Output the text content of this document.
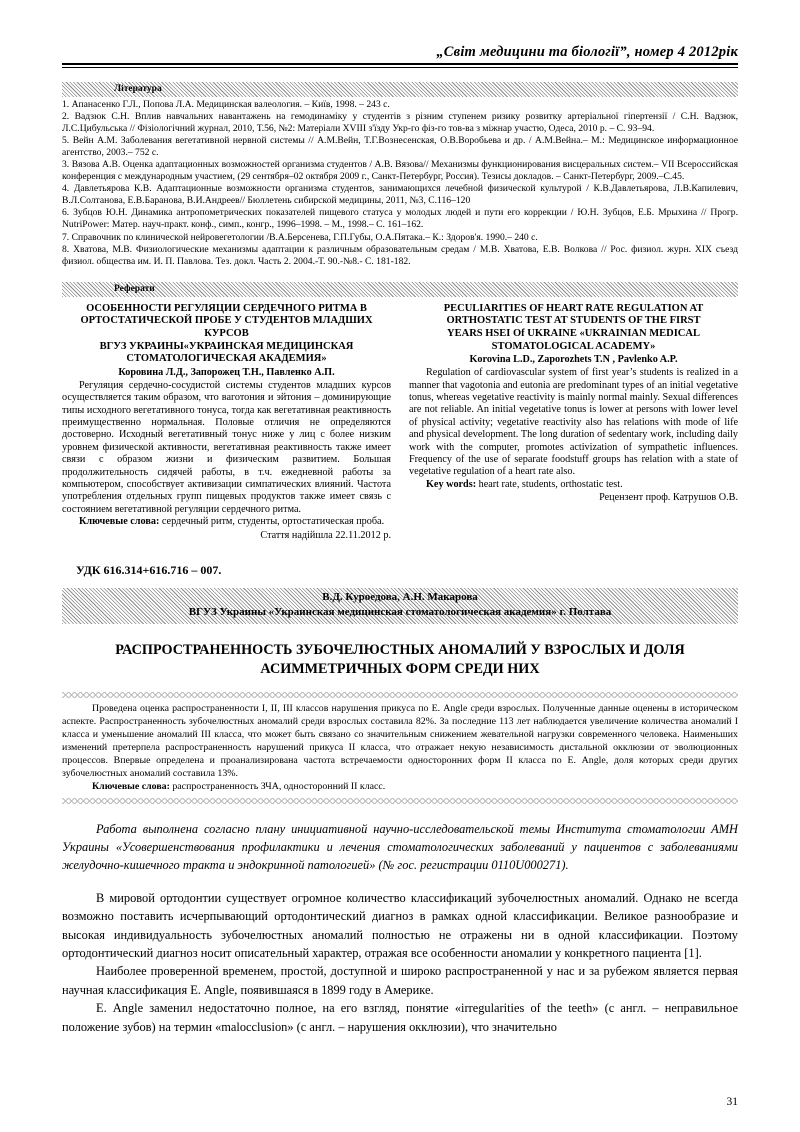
„Світ медицини та біології”, номер 4 2012рік
Література

1. Апанасенко Г.Л., Попова Л.А. Медицинская валеология. – Київ, 1998. – 243 с.

2. Вадзюк С.Н. Вплив навчальних навантажень на гемодинаміку у студентів з різним ступенем ризику розвитку артеріальної гіпертензії / С.Н. Вадзюк, Л.С.Цибульська // Фізіологічний журнал, 2010, Т.56, №2: Матеріали XVIII з'їзду Укр-го фіз-го тов-ва з міжнар участю, Одеса, 2010 р. – С. 93–94.

5. Вейн А.М. Заболевания вегетативной нервной системы // А.М.Вейн, Т.Г.Вознесенская, О.В.Воробьева и др. / А.М.Вейна.– М.: Медицинское информационное агентство, 2003.– 752 с.

3. Вязова А.В. Оценка адаптационных возможностей организма студентов / А.В. Вязова// Механизмы функционирования висцеральных систем.– VII Всероссийская конференция с международным участием, (29 сентября–02 октября 2009 г., Санкт-Петербург, Россия). Тезисы докладов. – Санкт-Петербург, 2009.–С.45.

4. Давлетьярова К.В. Адаптационные возможности организма студентов, занимающихся лечебной физической культурой / К.В.Давлетьярова, Л.В.Капилевич, В.Л.Солтанова, Е.В.Баранова, В.И.Андреев// Бюллетень сибирской медицины, 2011, №3, С.116–120

6. Зубцов Ю.Н. Динамика антропометрических показателей пищевого статуса у молодых людей и пути его коррекции / Ю.Н. Зубцов, Е.Б. Мрыхина // Прогр. NutriPower: Матер. науч-практ. конф., симп., конгр., 1996–1998. – М., 1998.– С. 161–162.

7. Справочник по клинической нейровегетологии /В.А.Берсенева, Г.П.Губы, О.А.Пятака.– К.: Здоров'я. 1990.– 240 с.

8. Хватова, М.В. Физиологические механизмы адаптации к различным образовательным средам / М.В. Хватова, Е.В. Волкова // Рос. физиол. журн. XIX съезд физиол. общества им. И. П. Павлова. Тез. докл. Часть 2. 2004.-Т. 90.-№8.- С. 181-182.

Реферати
ОСОБЕННОСТИ РЕГУЛЯЦИИ СЕРДЕЧНОГО РИТМА В
ОРТОСТАТИЧЕСКОЙ ПРОБЕ У СТУДЕНТОВ МЛАДШИХ КУРСОВ
ВГУЗ УКРАИНЫ«УКРАИНСКАЯ МЕДИЦИНСКАЯ
СТОМАТОЛОГИЧЕСКАЯ АКАДЕМИЯ»
Коровина Л.Д., Запорожец Т.Н., Павленко А.П.
Регуляция сердечно-сосудистой системы студентов младших курсов осуществляется таким образом, что ваготония и эйтония – доминирующие типы исходного вегетативного тонуса, тогда как вегетативная реактивность преимущественно нормальная. Половые отличия не определяются достоверно. Исходный вегетативный тонус ниже у лиц с более низким уровнем физической активности, вегетативная реактивность также имеет связи с образом жизни и физическим развитием. Большая продолжительность сидячей работы, в т.ч. ежедневной работы за компьютером, способствует активизации симпатических влияний. Частота употребления отдельных групп пищевых продуктов также имеет связь с состоянием вегетативной регуляции сердечного ритма.
Ключевые слова: сердечный ритм, студенты, ортостатическая проба.
Стаття надійшла 22.11.2012 р.
PECULIARITIES OF HEART RATE REGULATION AT
ORTHOSTATIC TEST AT STUDENTS OF THE FIRST
YEARS HSEI Of UKRAINE «UKRAINIAN MEDICAL
STOMATOLOGICAL ACADEMY»
Korovina L.D., Zaporozhets T.N , Pavlenko A.P.
Regulation of cardiovascular system of first year’s students is realized in a manner that vagotonia and eutonia are predominant types of an initial vegetative tonus, whereas vegetative reactivity is mainly normal mainly. Sexual differences are not reliable. An initial vegetative tonus is lower at persons with lower level of physical activity; vegetative reactivity also has relations with mode of life and physical development. The long duration of sedentary work, including daily work with the computer, promotes activization of sympathetic influences. Frequency of the use of separate foodstuff groups has relation with a state of vegetative regulation of a heart rate also.
Key words: heart rate, students, orthostatic test.
Рецензент проф. Катрушов О.В.
УДК 616.314+616.716 – 007.
В.Д. Куроедова, А.Н. Макарова
ВГУЗ Украины «Украинская медицинская стоматологическая академия» г. Полтава
РАСПРОСТРАНЕННОСТЬ ЗУБОЧЕЛЮСТНЫХ АНОМАЛИЙ У ВЗРОСЛЫХ И ДОЛЯ
АСИММЕТРИЧНЫХ ФОРМ СРЕДИ НИХ
Проведена оценка распространенности I, II, III классов нарушения прикуса по Е. Angle среди взрослых. Полученные данные оценены в историческом аспекте. Распространенность зубочелюстных аномалий среди взрослых составила 82%. За последние 113 лет наблюдается увеличение количества аномалий I класса и уменьшение аномалий III класса, что может быть связано со значительным снижением жевательной нагрузки современного человека. Наименьших изменений претерпела распространенность нарушений прикуса II класса, что отражает некую независимость дистальной окклюзии от эволюционных процессов. Впервые определена и проанализирована частота встречаемости односторонних форм II класса по Е. Angle, доля которых среди других зубочелюстных аномалий составила 13%.
Ключевые слова: распространенность ЗЧА, односторонний II класс.
Работа выполнена согласно плану инициативной научно-исследовательской темы Института стоматологии АМН Украины «Усовершенствования профилактики и лечения стоматологических заболеваний у пациентов с заболеваниями желудочно-кишечного тракта и эндокринной патологией» (№ гос. регистрации 0110U000271).
В мировой ортодонтии существует огромное количество классификаций зубочелюстных аномалий. Однако не всегда возможно поставить исчерпывающий ортодонтический диагноз в рамках одной классификации. Великое разнообразие и высокая индивидуальность зубочелюстных аномалий полностью не отражены ни в одной классификации. Поэтому ортодонтический диагноз носит описательный характер, отражая все особенности аномалии у конкретного пациента [1].
Наиболее проверенной временем, простой, доступной и широко распространенной у нас и за рубежом является первая научная классификация Е. Angle, появившаяся в 1899 году в Америке.
Е. Angle заменил недостаточно полное, на его взгляд, понятие «irregularities of the teeth» (с англ. – неправильное положение зубов) на термин «malocclusion» (с англ. – нарушения окклюзии), что значительно
31
